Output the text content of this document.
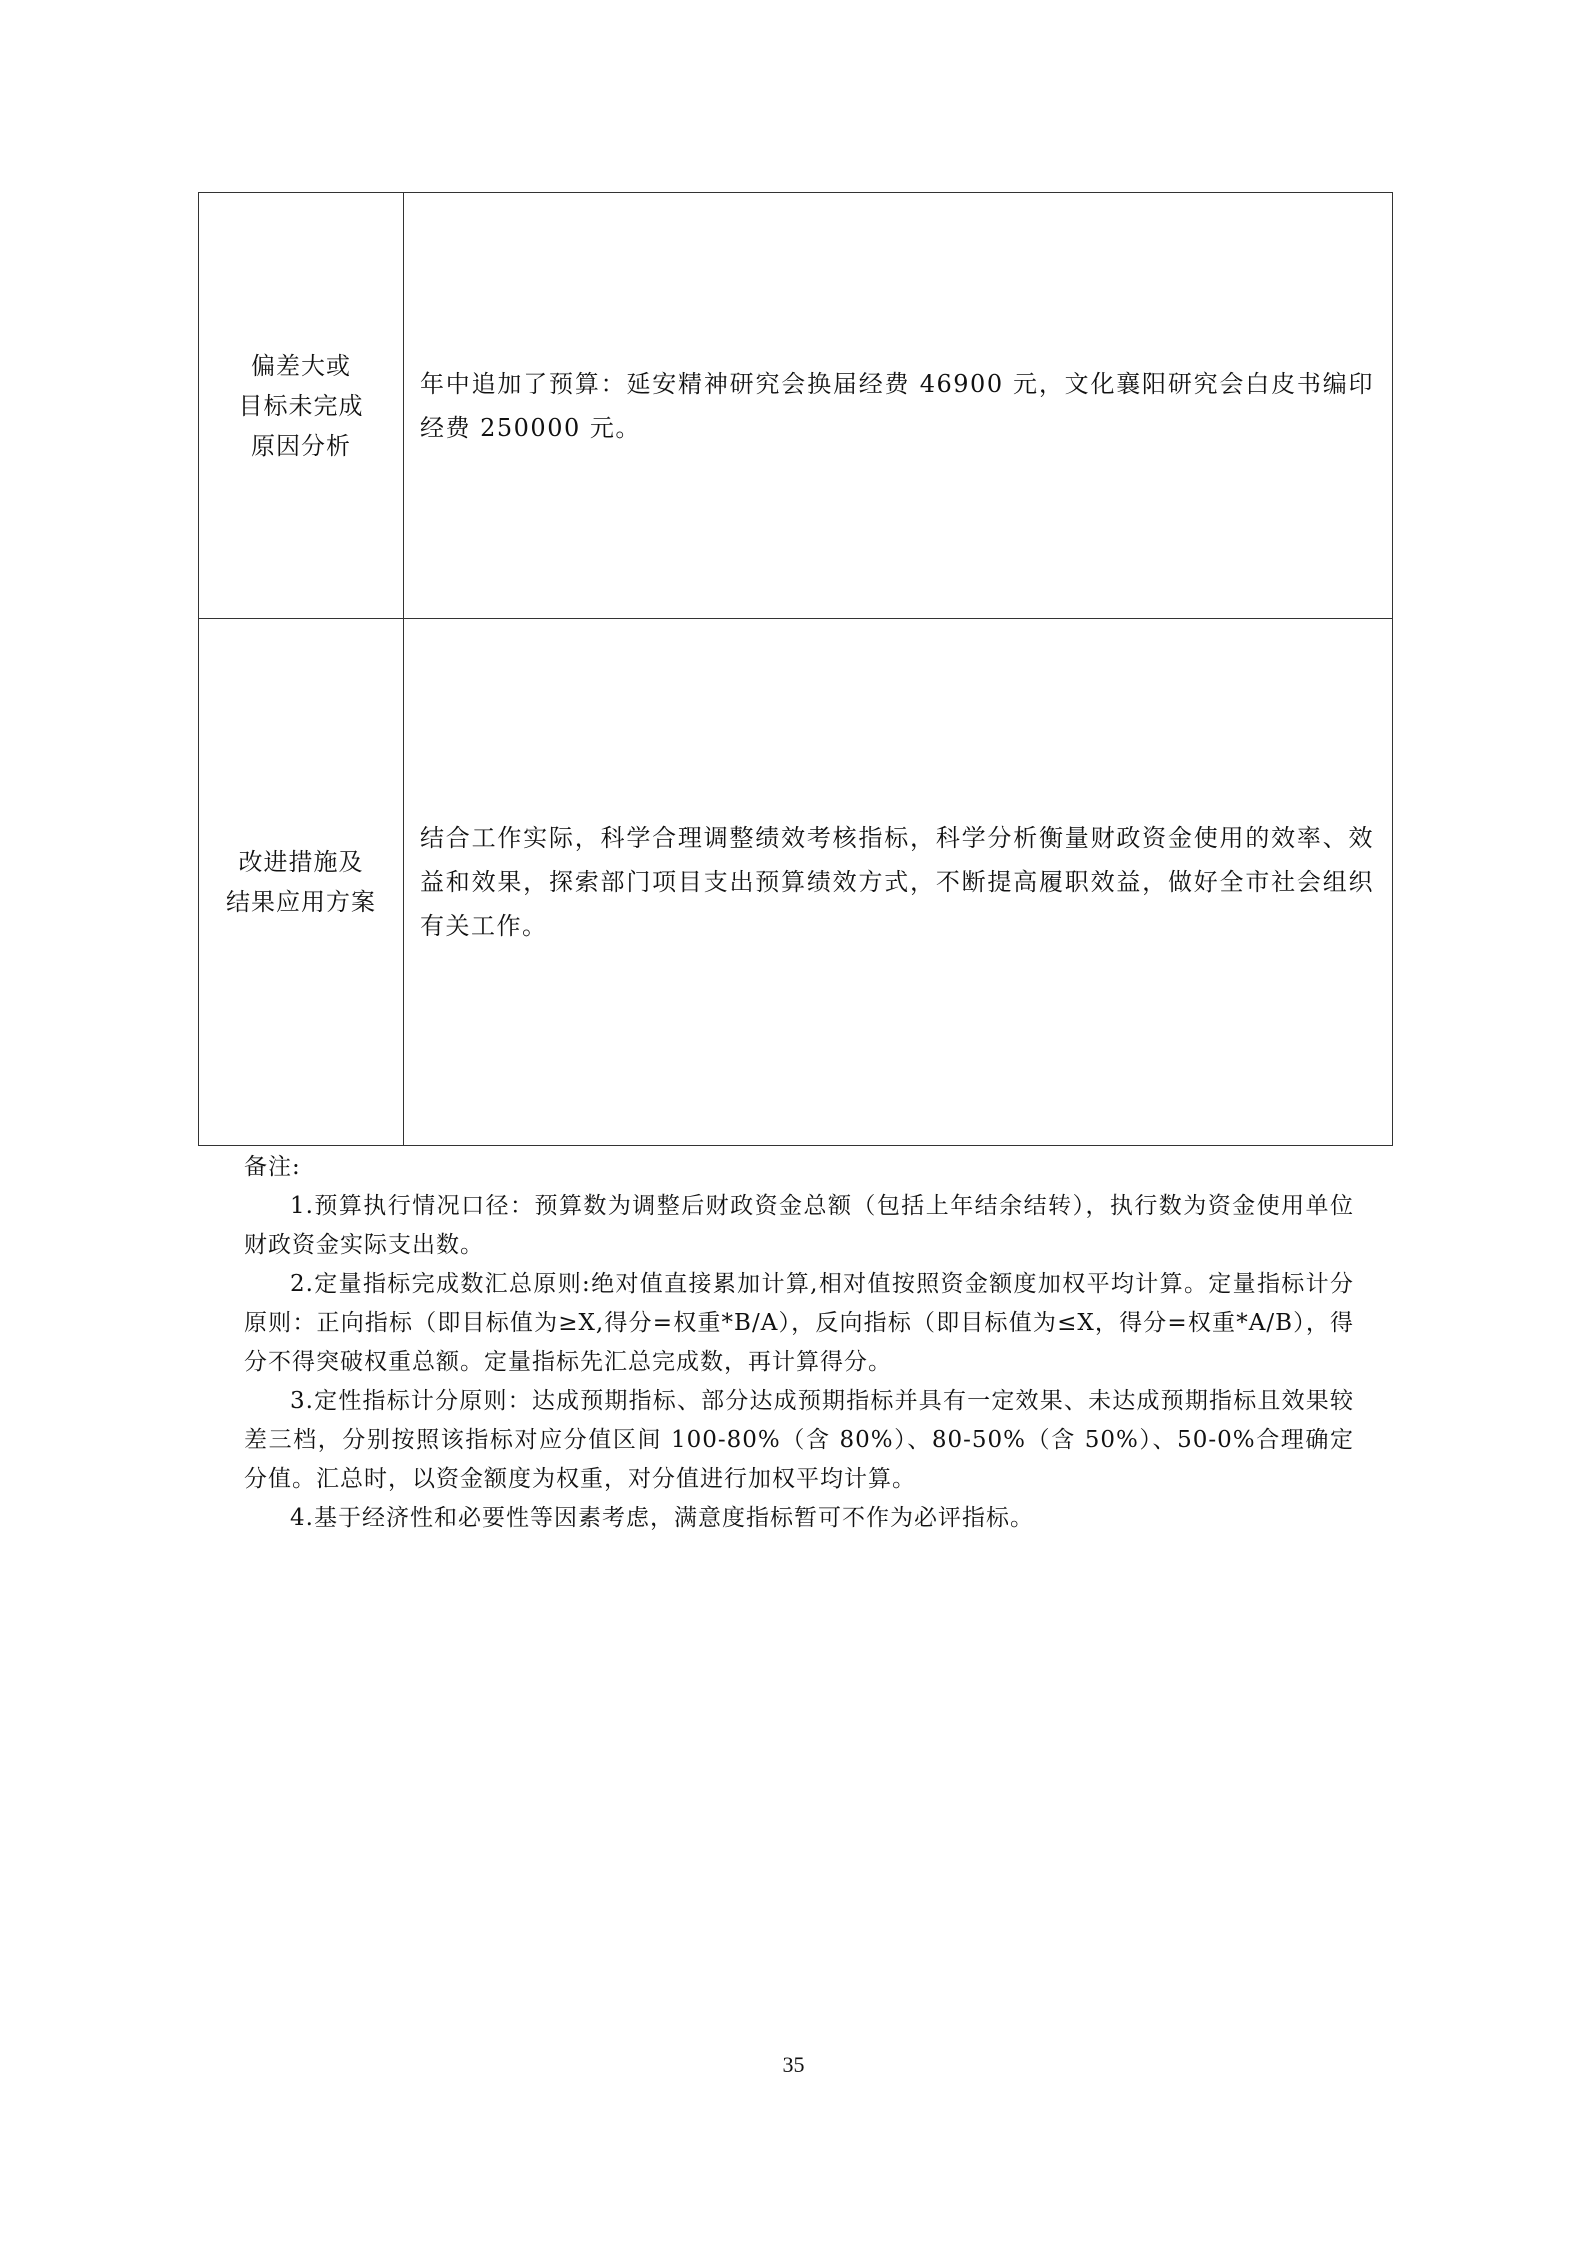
偏差大或
目标未完成
原因分析	年中追加了预算：延安精神研究会换届经费 46900 元，文化襄阳研究会白皮书编印经费 250000 元。

改进措施及
结果应用方案	结合工作实际，科学合理调整绩效考核指标，科学分析衡量财政资金使用的效率、效益和效果，探索部门项目支出预算绩效方式，不断提高履职效益，做好全市社会组织有关工作。
备注:

1.预算执行情况口径：预算数为调整后财政资金总额（包括上年结余结转），执行数为资金使用单位财政资金实际支出数。

2.定量指标完成数汇总原则:绝对值直接累加计算,相对值按照资金额度加权平均计算。定量指标计分原则：正向指标（即目标值为≥X,得分=权重*B/A），反向指标（即目标值为≤X，得分=权重*A/B），得分不得突破权重总额。定量指标先汇总完成数，再计算得分。

3.定性指标计分原则：达成预期指标、部分达成预期指标并具有一定效果、未达成预期指标且效果较差三档，分别按照该指标对应分值区间 100-80%（含 80%）、80-50%（含 50%）、50-0%合理确定分值。汇总时，以资金额度为权重，对分值进行加权平均计算。

4.基于经济性和必要性等因素考虑，满意度指标暂可不作为必评指标。

35
